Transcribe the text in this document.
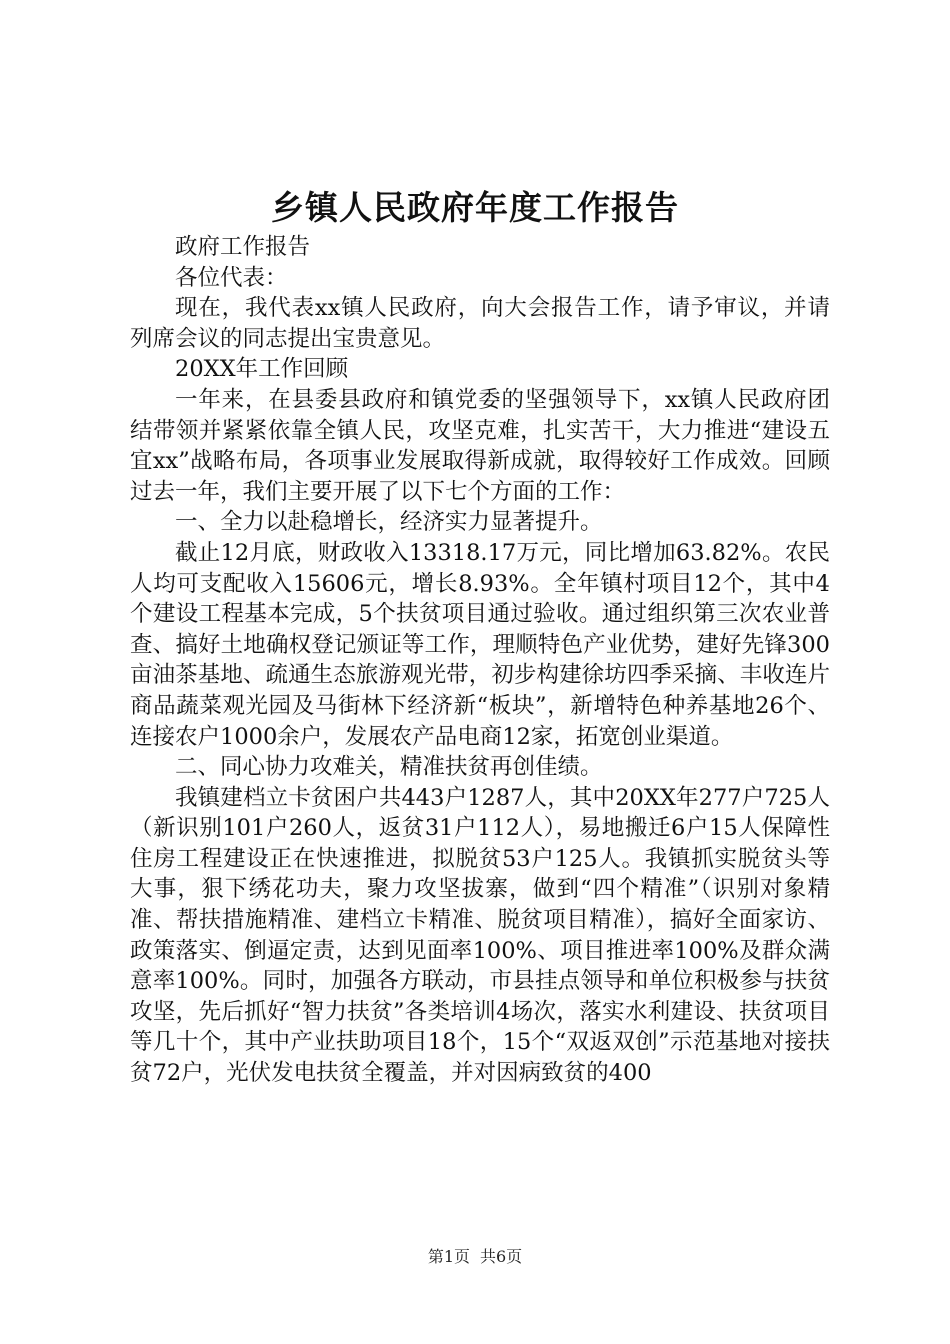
乡镇人民政府年度工作报告

政府工作报告

各位代表：

现在，我代表xx镇人民政府，向大会报告工作，请予审议，并请列席会议的同志提出宝贵意见。

20XX年工作回顾

一年来，在县委县政府和镇党委的坚强领导下，xx镇人民政府团结带领并紧紧依靠全镇人民，攻坚克难，扎实苦干，大力推进“建设五宜xx”战略布局，各项事业发展取得新成就，取得较好工作成效。回顾过去一年，我们主要开展了以下七个方面的工作：

一、全力以赴稳增长，经济实力显著提升。

截止12月底，财政收入13318.17万元，同比增加63.82%。农民人均可支配收入15606元，增长8.93%。全年镇村项目12个，其中4个建设工程基本完成，5个扶贫项目通过验收。通过组织第三次农业普查、搞好土地确权登记颁证等工作，理顺特色产业优势，建好先锋300亩油茶基地、疏通生态旅游观光带，初步构建徐坊四季采摘、丰收连片商品蔬菜观光园及马街林下经济新“板块”，新增特色种养基地26个、连接农户1000余户，发展农产品电商12家，拓宽创业渠道。

二、同心协力攻难关，精准扶贫再创佳绩。

我镇建档立卡贫困户共443户1287人，其中20XX年277户725人（新识别101户260人，返贫31户112人），易地搬迁6户15人保障性住房工程建设正在快速推进，拟脱贫53户125人。我镇抓实脱贫头等大事，狠下绣花功夫，聚力攻坚拔寨，做到“四个精准”（识别对象精准、帮扶措施精准、建档立卡精准、脱贫项目精准），搞好全面家访、政策落实、倒逼定责，达到见面率100%、项目推进率100%及群众满意率100%。同时，加强各方联动，市县挂点领导和单位积极参与扶贫攻坚，先后抓好“智力扶贫”各类培训4场次，落实水利建设、扶贫项目等几十个，其中产业扶助项目18个，15个“双返双创”示范基地对接扶贫72户，光伏发电扶贫全覆盖，并对因病致贫的400

第1页 共6页
